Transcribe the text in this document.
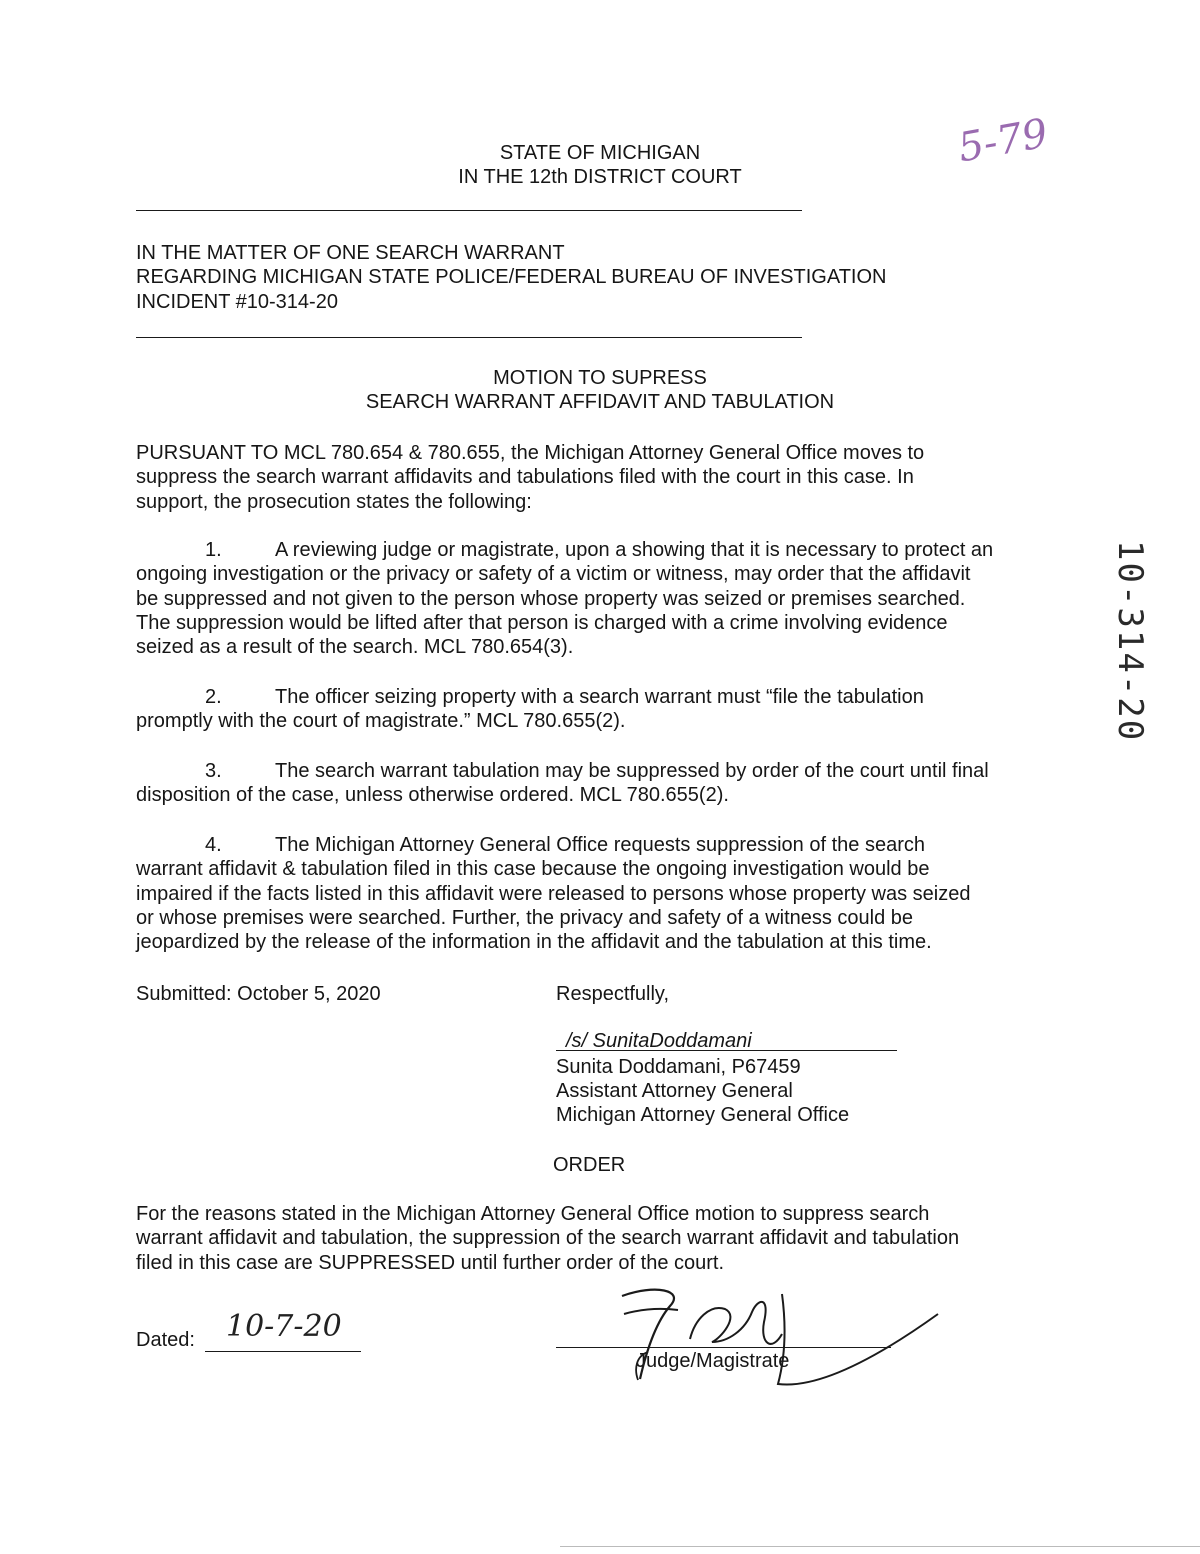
5-79

STATE OF MICHIGAN

IN THE 12th DISTRICT COURT

IN THE MATTER OF ONE SEARCH WARRANT

REGARDING MICHIGAN STATE POLICE/FEDERAL BUREAU OF INVESTIGATION

INCIDENT #10-314-20

MOTION TO SUPRESS

SEARCH WARRANT AFFIDAVIT AND TABULATION

PURSUANT TO MCL 780.654 & 780.655, the Michigan Attorney General Office moves to
suppress the search warrant affidavits and tabulations filed with the court in this case. In
support, the prosecution states the following:
1.	A reviewing judge or magistrate, upon a showing that it is necessary to protect an
ongoing investigation or the privacy or safety of a victim or witness, may order that the affidavit
be suppressed and not given to the person whose property was seized or premises searched.
The suppression would be lifted after that person is charged with a crime involving evidence
seized as a result of the search. MCL 780.654(3).
2.	The officer seizing property with a search warrant must “file the tabulation
promptly with the court of magistrate.” MCL 780.655(2).
3.	The search warrant tabulation may be suppressed by order of the court until final
disposition of the case, unless otherwise ordered. MCL 780.655(2).
4.	The Michigan Attorney General Office requests suppression of the search
warrant affidavit & tabulation filed in this case because the ongoing investigation would be
impaired if the facts listed in this affidavit were released to persons whose property was seized
or whose premises were searched. Further, the privacy and safety of a witness could be
jeopardized by the release of the information in the affidavit and the tabulation at this time.

Submitted: October 5, 2020	Respectfully,

/s/ SunitaDoddamani

Sunita Doddamani, P67459

Assistant Attorney General

Michigan Attorney General Office

ORDER

For the reasons stated in the Michigan Attorney General Office motion to suppress search
warrant affidavit and tabulation, the suppression of the search warrant affidavit and tabulation
filed in this case are SUPPRESSED until further order of the court.

Dated: 10-7-20

Judge/Magistrate

10-314-20
